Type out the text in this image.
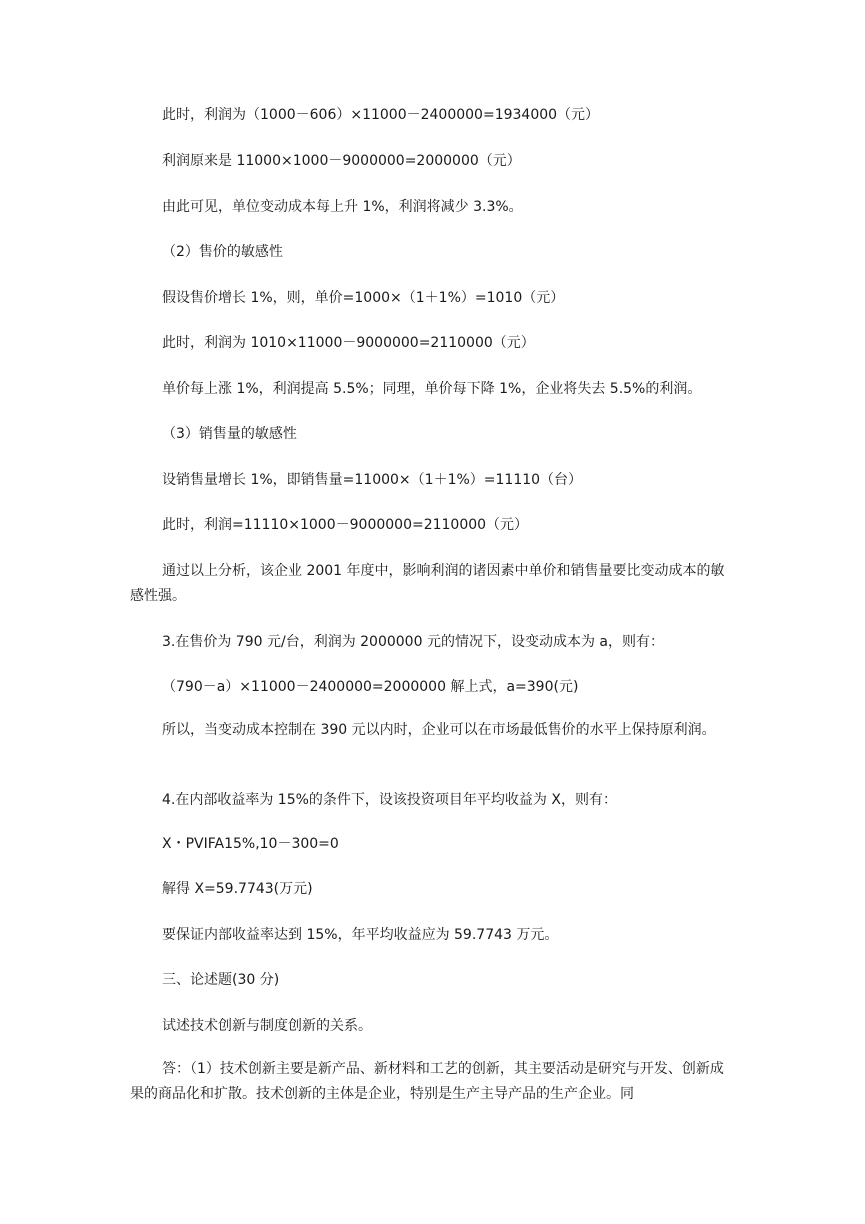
此时，利润为（1000－606）×11000－2400000=1934000（元）

利润原来是 11000×1000－9000000=2000000（元）

由此可见，单位变动成本每上升 1%，利润将减少 3.3%。

（2）售价的敏感性

假设售价增长 1%，则，单价=1000×（1＋1%）=1010（元）

此时，利润为 1010×11000－9000000=2110000（元）

单价每上涨 1%，利润提高 5.5%；同理，单价每下降 1%，企业将失去 5.5%的利润。

（3）销售量的敏感性

设销售量增长 1%，即销售量=11000×（1＋1%）=11110（台）

此时，利润=11110×1000－9000000=2110000（元）

通过以上分析，该企业 2001 年度中，影响利润的诸因素中单价和销售量要比变动成本的敏感性强。

3.在售价为 790 元/台，利润为 2000000 元的情况下，设变动成本为 a，则有：

（790－a）×11000－2400000=2000000 解上式，a=390(元)

所以，当变动成本控制在 390 元以内时，企业可以在市场最低售价的水平上保持原利润。

4.在内部收益率为 15%的条件下，设该投资项目年平均收益为 X，则有：

X・PVIFA15%,10－300=0

解得 X=59.7743(万元)

要保证内部收益率达到 15%，年平均收益应为 59.7743 万元。

三、论述题(30 分)

试述技术创新与制度创新的关系。

答：（1）技术创新主要是新产品、新材料和工艺的创新，其主要活动是研究与开发、创新成果的商品化和扩散。技术创新的主体是企业，特别是生产主导产品的生产企业。同
